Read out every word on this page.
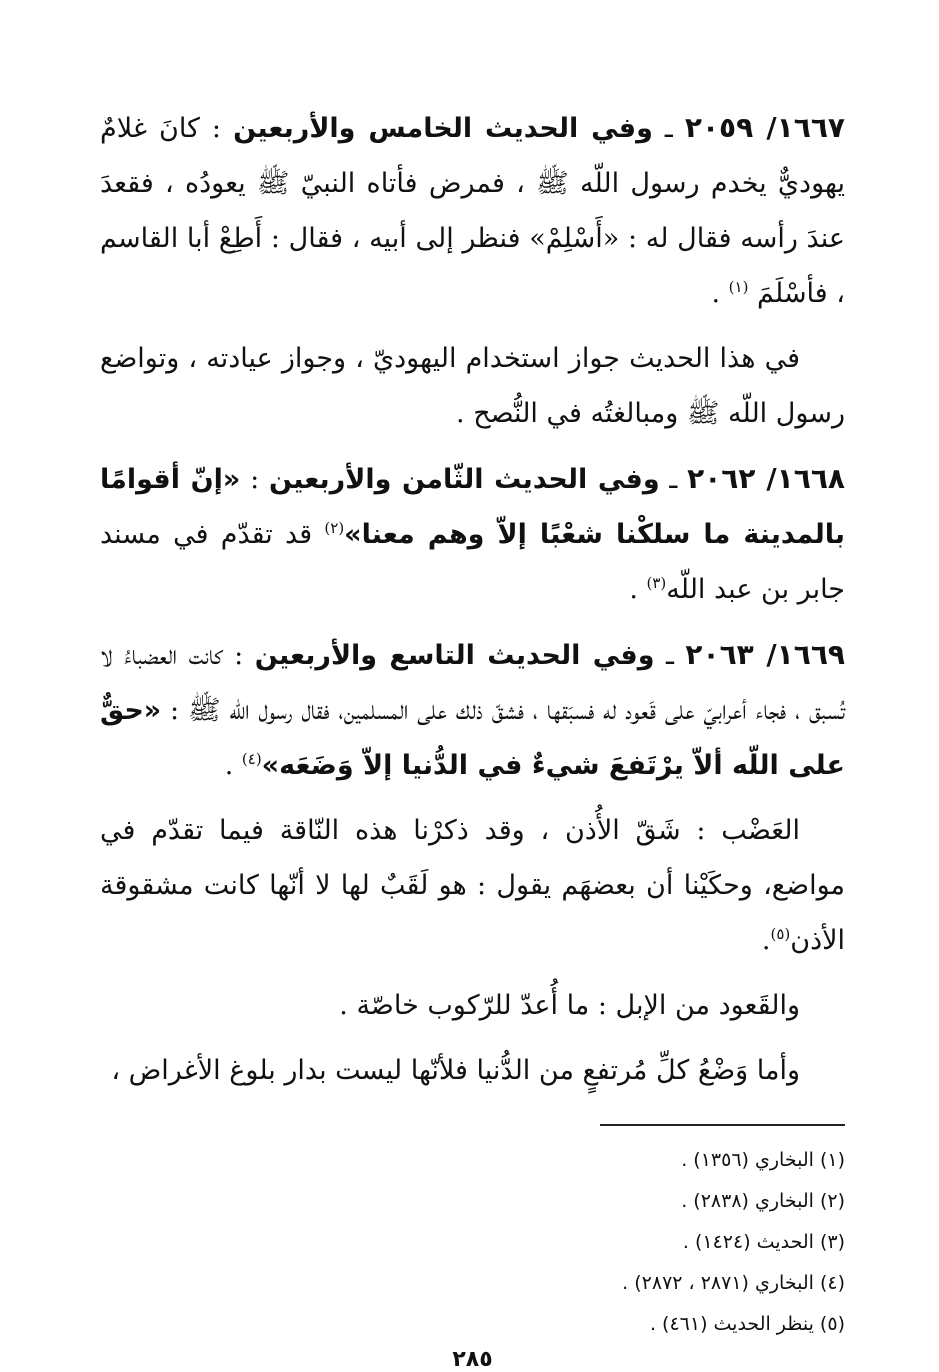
١٦٦٧/ ٢٠٥٩ ـ وفي الحديث الخامس والأربعين : كانَ غلامٌ يهوديٌّ يخدم رسول اللّه ﷺ ، فمرض فأتاه النبيّ ﷺ يعودُه ، فقعدَ عندَ رأسه فقال له : «أَسْلِمْ» فنظر إلى أبيه ، فقال : أَطِعْ أبا القاسم ، فأسْلَمَ $^{(١)}$ .

في هذا الحديث جواز استخدام اليهوديّ ، وجواز عيادته ، وتواضع رسول اللّه ﷺ ومبالغتُه في النُّصح .

١٦٦٨/ ٢٠٦٢ ـ وفي الحديث الثّامن والأربعين : «إنّ أقوامًا بالمدينة ما سلكْنا شعْبًا إلاّ وهم معنا»$^{(٢)}$ قد تقدّم في مسند جابر بن عبد اللّه$^{(٣)}$ .

١٦٦٩/ ٢٠٦٣ ـ وفي الحديث التاسع والأربعين : كانت العضباءُ لا تُسبق ، فجاء أعرابيّ على قَعود له فسبَقها ، فشقّ ذلك على المسلمين، فقال رسول اللّه ﷺ : «حقٌّ على اللّه ألاّ يرْتَفعَ شيءٌ في الدُّنيا إلاّ وَضَعَه»$^{(٤)}$ .

العَضْب : شَقّ الأُذن ، وقد ذكرْنا هذه النّاقة فيما تقدّم في مواضع، وحكَيْنا أن بعضهَم يقول : هو لَقَبٌ لها لا أنّها كانت مشقوقة الأذن$^{(٥)}$.

والقَعود من الإبل : ما أُعدّ للرّكوب خاصّة .

وأما وَضْعُ كلِّ مُرتفعٍ من الدُّنيا فلأنّها ليست بدار بلوغ الأغراض ،

(١) البخاري (١٣٥٦) .

(٢) البخاري (٢٨٣٨) .

(٣) الحديث (١٤٢٤) .

(٤) البخاري (٢٨٧١ ، ٢٨٧٢) .

(٥) ينظر الحديث (٤٦١) .

٢٨٥
